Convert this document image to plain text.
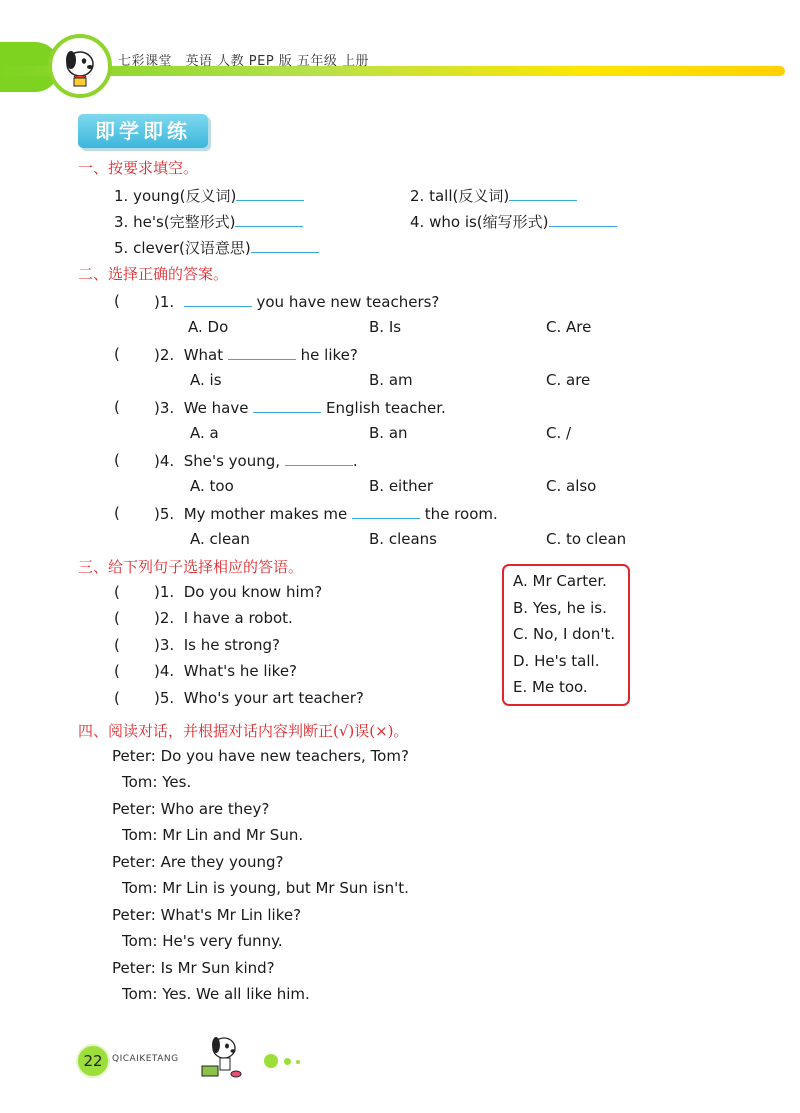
七彩课堂　英语 人教 PEP 版 五年级 上册
即学即练
一、按要求填空。
1. young(反义词)	2. tall(反义词)
3. he's(完整形式)	4. who is(缩写形式)
5. clever(汉语意思)
二、选择正确的答案。
( )1.	you have new teachers?
A. Do	B. Is	C. Are
( )2. What	he like?
A. is	B. am	C. are
( )3. We have	English teacher.
A. a	B. an	C. /
( )4. She's young,	.
A. too	B. either	C. also
( )5. My mother makes me	the room.
A. clean	B. cleans	C. to clean
三、给下列句子选择相应的答语。
( )1. Do you know him?
( )2. I have a robot.
( )3. Is he strong?
( )4. What's he like?
( )5. Who's your art teacher?
A. Mr Carter.
B. Yes, he is.
C. No, I don't.
D. He's tall.
E. Me too.
四、阅读对话，并根据对话内容判断正(√)误(×)。
Peter: Do you have new teachers, Tom?
Tom: Yes.
Peter: Who are they?
Tom: Mr Lin and Mr Sun.
Peter: Are they young?
Tom: Mr Lin is young, but Mr Sun isn't.
Peter: What's Mr Lin like?
Tom: He's very funny.
Peter: Is Mr Sun kind?
Tom: Yes. We all like him.
22	QICAIKETANG
